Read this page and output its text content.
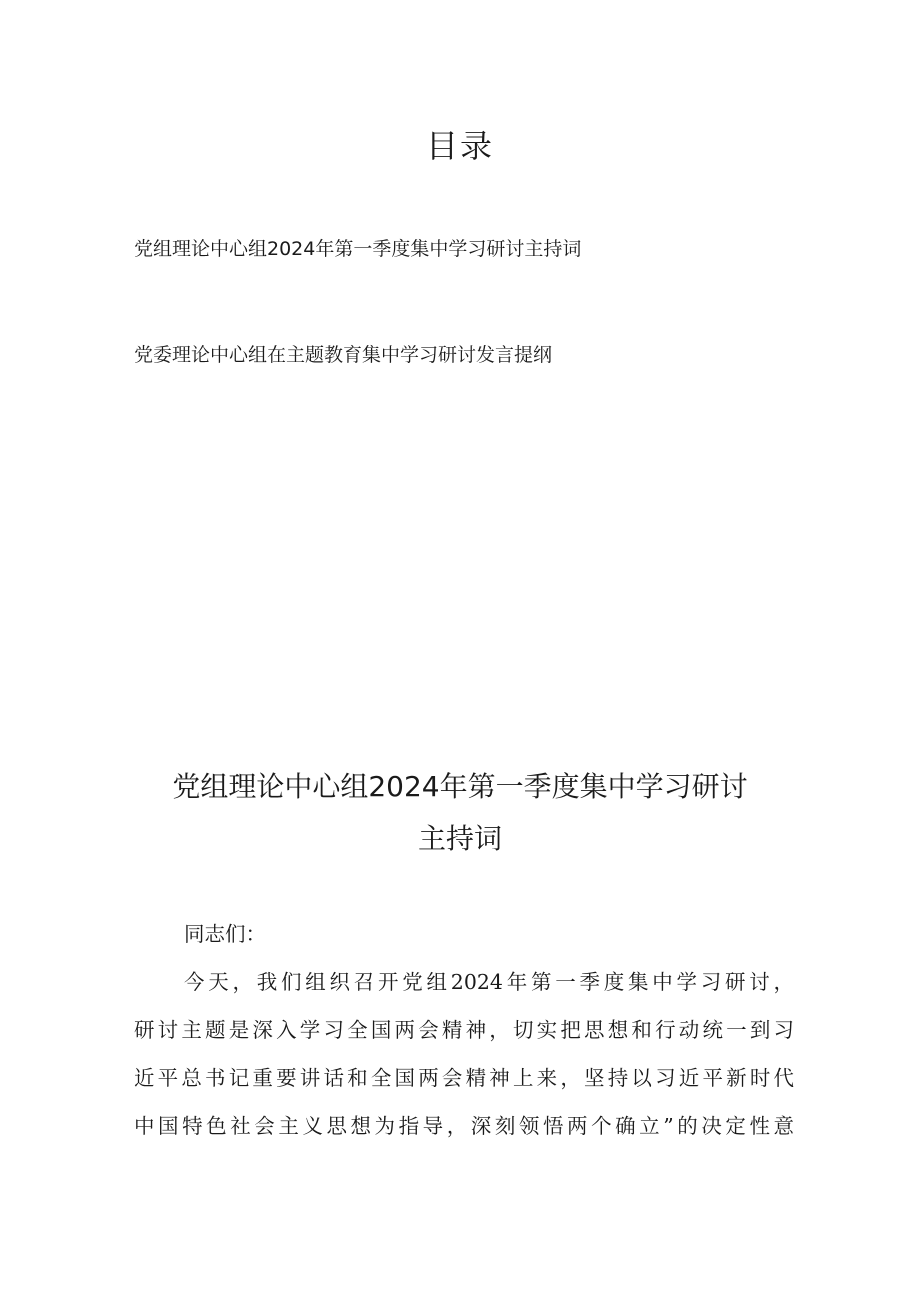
目录
党组理论中心组2024年第一季度集中学习研讨主持词
党委理论中心组在主题教育集中学习研讨发言提纲
党组理论中心组2024年第一季度集中学习研讨
主持词
同志们：
今天，我们组织召开党组2024年第一季度集中学习研讨，
研讨主题是深入学习全国两会精神，切实把思想和行动统一到习
近平总书记重要讲话和全国两会精神上来，坚持以习近平新时代
中国特色社会主义思想为指导，深刻领悟两个确立”的决定性意
